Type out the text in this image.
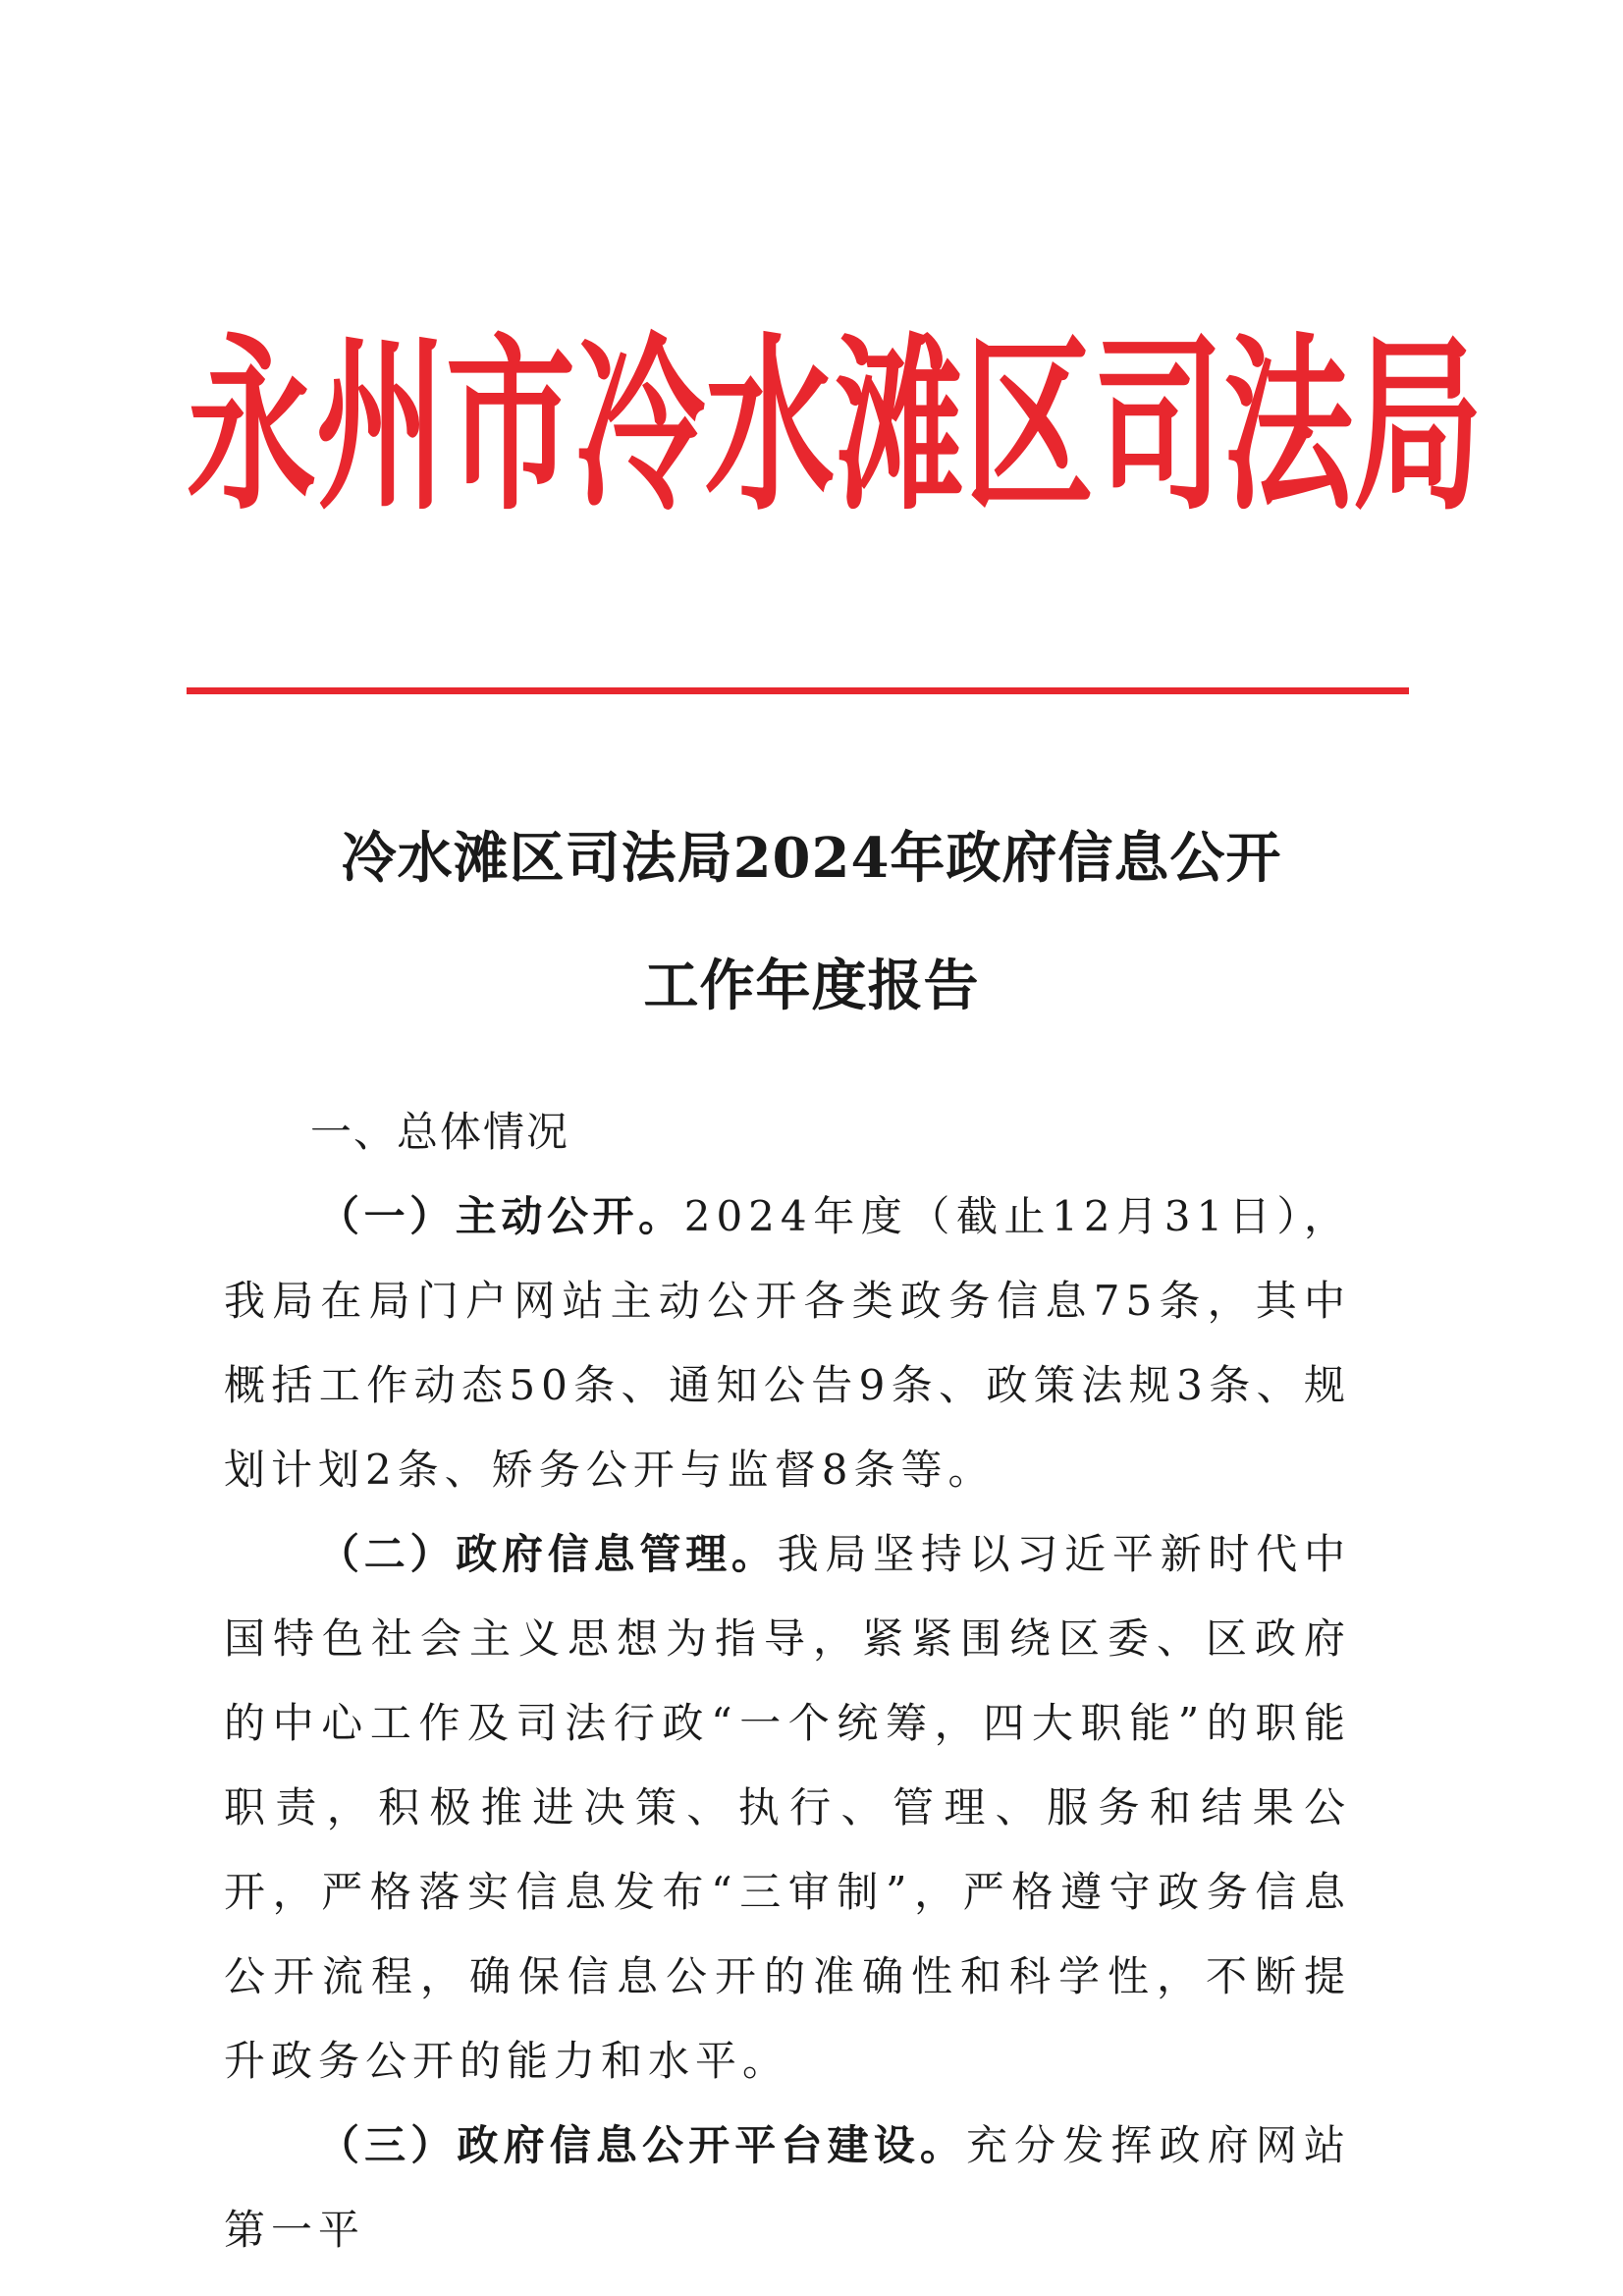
永 州 市 冷 水 滩 区 司 法 局
冷水滩区司法局2024年政府信息公开
工作年度报告
一、总体情况

（一）主动公开。2024年度（截止12月31日），我局在局门户网站主动公开各类政务信息75条，其中概括工作动态50条、通知公告9条、政策法规3条、规划计划2条、矫务公开与监督8条等。

（二）政府信息管理。我局坚持以习近平新时代中国特色社会主义思想为指导，紧紧围绕区委、区政府的中心工作及司法行政“一个统筹，四大职能”的职能职责，积极推进决策、执行、管理、服务和结果公开，严格落实信息发布“三审制”，严格遵守政务信息公开流程，确保信息公开的准确性和科学性，不断提升政务公开的能力和水平。

（三）政府信息公开平台建设。充分发挥政府网站第一平
